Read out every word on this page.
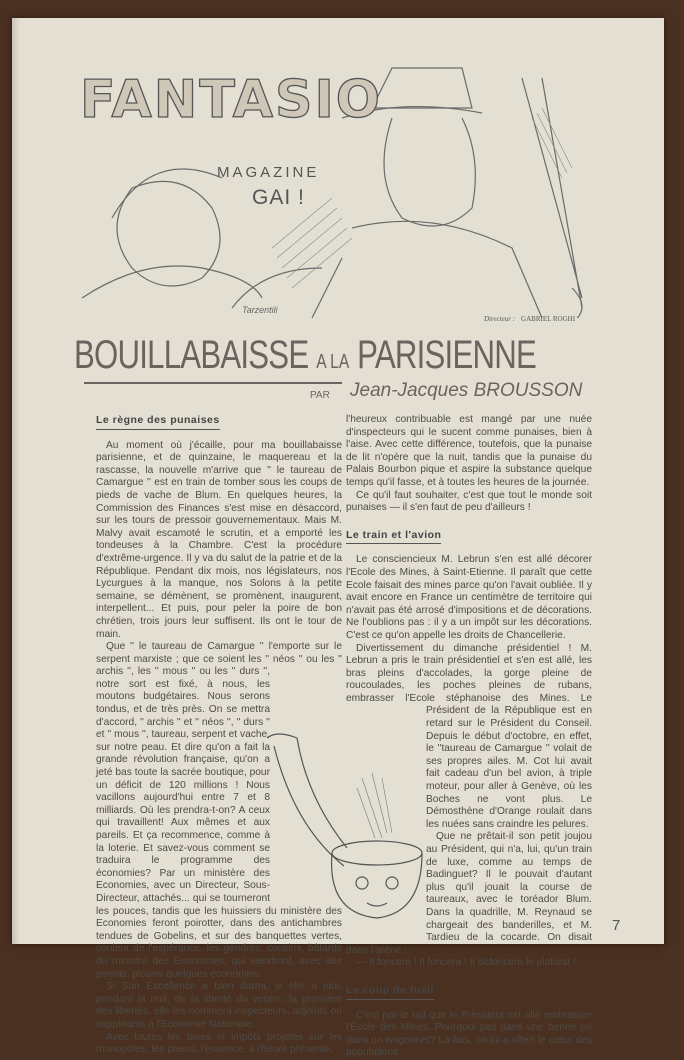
Tarzentili
FANTASIO
MAGAZINE
GAI !
Directeur : GABRIEL ROGHI
BOUILLABAISSE A LA PARISIENNE
PAR Jean-Jacques BROUSSON
Le règne des punaises

Au moment où j'écaille, pour ma bouillabaisse parisienne, et de quinzaine, le maquereau et la rascasse, la nouvelle m'arrive que '' le taureau de Camargue '' est en train de tomber sous les coups de pieds de vache de Blum. En quelques heures, la Commission des Finances s'est mise en désaccord, sur les tours de pressoir gouvernementaux. Mais M. Malvy avait escamoté le scrutin, et a emporté les tondeuses à la Chambre. C'est la procédure d'extrême-urgence. Il y va du salut de la patrie et de la République. Pendant dix mois, nos législateurs, nos Lycurgues à la manque, nos Solons à la petite semaine, se démènent, se promènent, inaugurent, interpellent... Et puis, pour peler la poire de bon chrétien, trois jours leur suffisent. Ils ont le tour de main.

Que '' le taureau de Camargue '' l'emporte sur le serpent marxiste ; que ce soient les '' néos '' ou les '' archis '', les '' mous '' ou les '' durs '', notre sort est fixé, à nous, les moutons budgétaires. Nous serons tondus, et de très près. On se mettra d'accord, '' archis '' et '' néos '', '' durs '' et '' mous '', taureau, serpent et vache, sur notre peau. Et dire qu'on a fait la grande révolution française, qu'on a jeté bas toute la sacrée boutique, pour un déficit de 120 millions ! Nous vacillons aujourd'hui entre 7 et 8 milliards. Où les prendra-t-on? A ceux qui travaillent! Aux mêmes et aux pareils. Et ça recommence, comme à la loterie. Et savez-vous comment se traduira le programme des économies? Par un ministère des Economies, avec un Directeur, Sous-Directeur, attachés... qui se tourneront les pouces, tandis que les huissiers du ministère des Economies feront poirotter, dans des antichambres tendues de Gobelins, et sur des banquettes vertes, couleur de l'espérance, les gendres, cousins, bâtards du ministre des Economies, qui viendront, avec des permis, picorer quelques économies.

Si Son Excellence a bien dormi, si elle a joui, pendant la nuit, de la liberté du ventre, la première des libertés, elle les nommera inspecteurs, adjoints ou suppléants à l'Economie Nationale.

Avec toutes les taxes et impôts projetés sur les monopoles, les pneus, l'essence, à l'heure présente,

l'heureux contribuable est mangé par une nuée d'inspecteurs qui le sucent comme punaises, bien à l'aise. Avec cette différence, toutefois, que la punaise de lit n'opère que la nuit, tandis que la punaise du Palais Bourbon pique et aspire la substance quelque temps qu'il fasse, et à toutes les heures de la journée.

Ce qu'il faut souhaiter, c'est que tout le monde soit punaises — il s'en faut de peu d'ailleurs !

Le train et l'avion

Le consciencieux M. Lebrun s'en est allé décorer l'Ecole des Mines, à Saint-Etienne. Il paraît que cette Ecole faisait des mines parce qu'on l'avait oubliée. Il y avait encore en France un centimètre de territoire qui n'avait pas été arrosé d'impositions et de décorations. Ne l'oublions pas : il y a un impôt sur les décorations. C'est ce qu'on appelle les droits de Chancellerie.

Divertissement du dimanche présidentiel ! M. Lebrun a pris le train présidentiel et s'en est allé, les bras pleins d'accolades, la gorge pleine de roucoulades, les poches pleines de rubans, embrasser l'Ecole stéphanoise des Mines. Le Président de la République est en retard sur le Président du Conseil. Depuis le début d'octobre, en effet, le ''taureau de Camargue '' volait de ses propres ailes. M. Cot lui avait fait cadeau d'un bel avion, à triple moteur, pour aller à Genève, où les Boches ne vont plus. Le Démosthène d'Orange roulait dans les nuées sans craindre les pelures.

Que ne prêtait-il son petit joujou au Président, qui n'a, lui, qu'un train de luxe, comme au temps de Badinguet? Il le pouvait d'autant plus qu'il jouait la course de taureaux, avec le toréador Blum. Dans la quadrille, M. Reynaud se chargeait des banderilles, et M. Tardieu de la cocarde. On disait dans l'arène :

— Il foncera ! Il foncera ! Il défoncera le plafond !

Le coup de fusil

C'est par le rail que le Président est allé embrasser l'École des Mines. Pourquoi pas dans une benne ou dans un wagonnet? Là-bas, on lui a offert le cœur des populations

7
